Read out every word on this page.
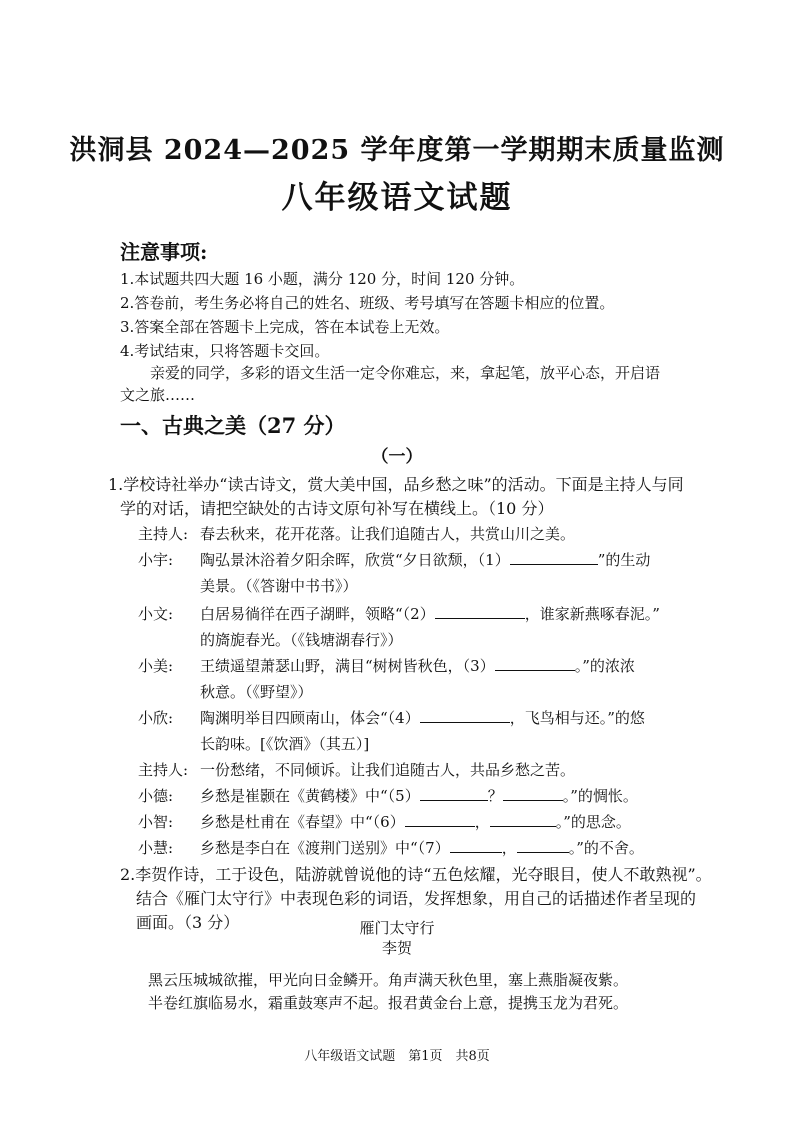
洪洞县 2024—2025 学年度第一学期期末质量监测
八年级语文试题
注意事项:
1.本试题共四大题 16 小题，满分 120 分，时间 120 分钟。
2.答卷前，考生务必将自己的姓名、班级、考号填写在答题卡相应的位置。
3.答案全部在答题卡上完成，答在本试卷上无效。
4.考试结束，只将答题卡交回。
亲爱的同学，多彩的语文生活一定令你难忘，来，拿起笔，放平心态，开启语
文之旅……
一、古典之美（27 分）
（一）
1.学校诗社举办“读古诗文，赏大美中国，品乡愁之味”的活动。下面是主持人与同
学的对话，请把空缺处的古诗文原句补写在横线上。（10 分）
主持人: 春去秋来，花开花落。让我们追随古人，共赏山川之美。
小宇: 陶弘景沐浴着夕阳余晖，欣赏“夕日欲颓，（1）	”的生动
美景。（《答谢中书书》）
小文: 白居易徜徉在西子湖畔，领略“（2）	，谁家新燕啄春泥。”
的旖旎春光。（《钱塘湖春行》）
小美: 王绩遥望萧瑟山野，满目“树树皆秋色，（3）	。”的浓浓
秋意。（《野望》）
小欣: 陶渊明举目四顾南山，体会“（4）	，飞鸟相与还。”的悠
长韵味。[《饮酒》（其五）]
主持人: 一份愁绪，不同倾诉。让我们追随古人，共品乡愁之苦。
小德: 乡愁是崔颢在《黄鹤楼》中“（5）	？	。”的惆怅。
小智: 乡愁是杜甫在《春望》中“（6）	，	。”的思念。
小慧: 乡愁是李白在《渡荆门送别》中“（7）	，	。”的不舍。
2.李贺作诗，工于设色，陆游就曾说他的诗“五色炫耀，光夺眼目，使人不敢熟视”。
结合《雁门太守行》中表现色彩的词语，发挥想象，用自己的话描述作者呈现的
画面。（3 分）	雁门太守行
李贺
黑云压城城欲摧，甲光向日金鳞开。角声满天秋色里，塞上燕脂凝夜紫。
半卷红旗临易水，霜重鼓寒声不起。报君黄金台上意，提携玉龙为君死。
八年级语文试题　第1页　共8页
